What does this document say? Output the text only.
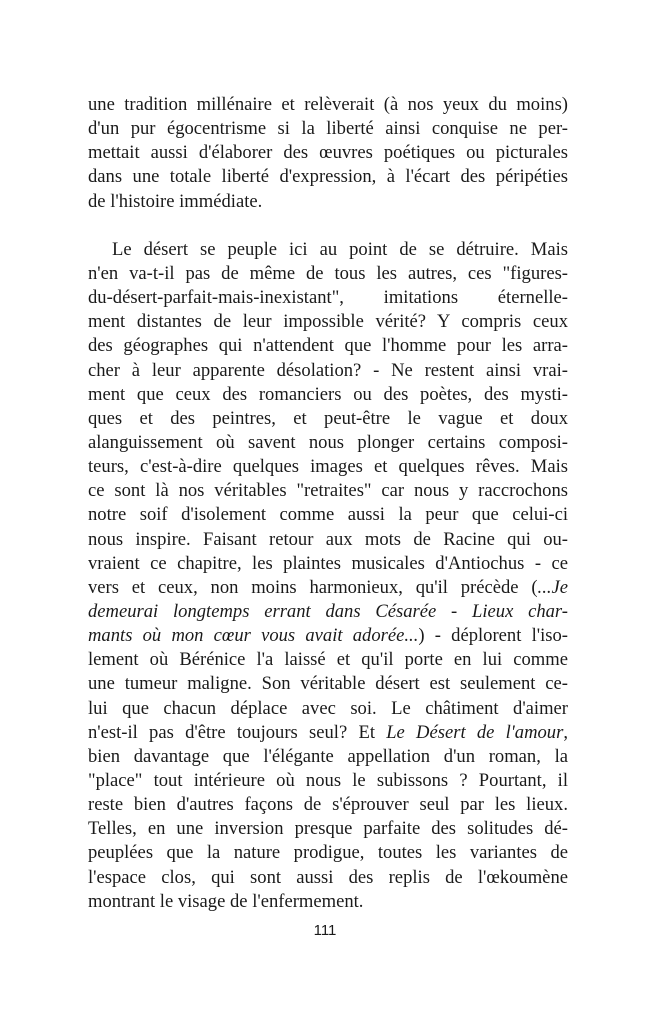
une tradition millénaire et relèverait (à nos yeux du moins)
d'un pur égocentrisme si la liberté ainsi conquise ne per-
mettait aussi d'élaborer des œuvres poétiques ou picturales
dans une totale liberté d'expression, à l'écart des péripéties
de l'histoire immédiate.

Le désert se peuple ici au point de se détruire. Mais
n'en va-t-il pas de même de tous les autres, ces "figures-
du-désert-parfait-mais-inexistant", imitations éternelle-
ment distantes de leur impossible vérité? Y compris ceux
des géographes qui n'attendent que l'homme pour les arra-
cher à leur apparente désolation? - Ne restent ainsi vrai-
ment que ceux des romanciers ou des poètes, des mysti-
ques et des peintres, et peut-être le vague et doux
alanguissement où savent nous plonger certains composi-
teurs, c'est-à-dire quelques images et quelques rêves. Mais
ce sont là nos véritables "retraites" car nous y raccrochons
notre soif d'isolement comme aussi la peur que celui-ci
nous inspire. Faisant retour aux mots de Racine qui ou-
vraient ce chapitre, les plaintes musicales d'Antiochus - ce
vers et ceux, non moins harmonieux, qu'il précède (...Je
demeurai longtemps errant dans Césarée - Lieux char-
mants où mon cœur vous avait adorée...) - déplorent l'iso-
lement où Bérénice l'a laissé et qu'il porte en lui comme
une tumeur maligne. Son véritable désert est seulement ce-
lui que chacun déplace avec soi. Le châtiment d'aimer
n'est-il pas d'être toujours seul? Et Le Désert de l'amour,
bien davantage que l'élégante appellation d'un roman, la
"place" tout intérieure où nous le subissons ? Pourtant, il
reste bien d'autres façons de s'éprouver seul par les lieux.
Telles, en une inversion presque parfaite des solitudes dé-
peuplées que la nature prodigue, toutes les variantes de
l'espace clos, qui sont aussi des replis de l'œkoumène
montrant le visage de l'enfermement.

111
